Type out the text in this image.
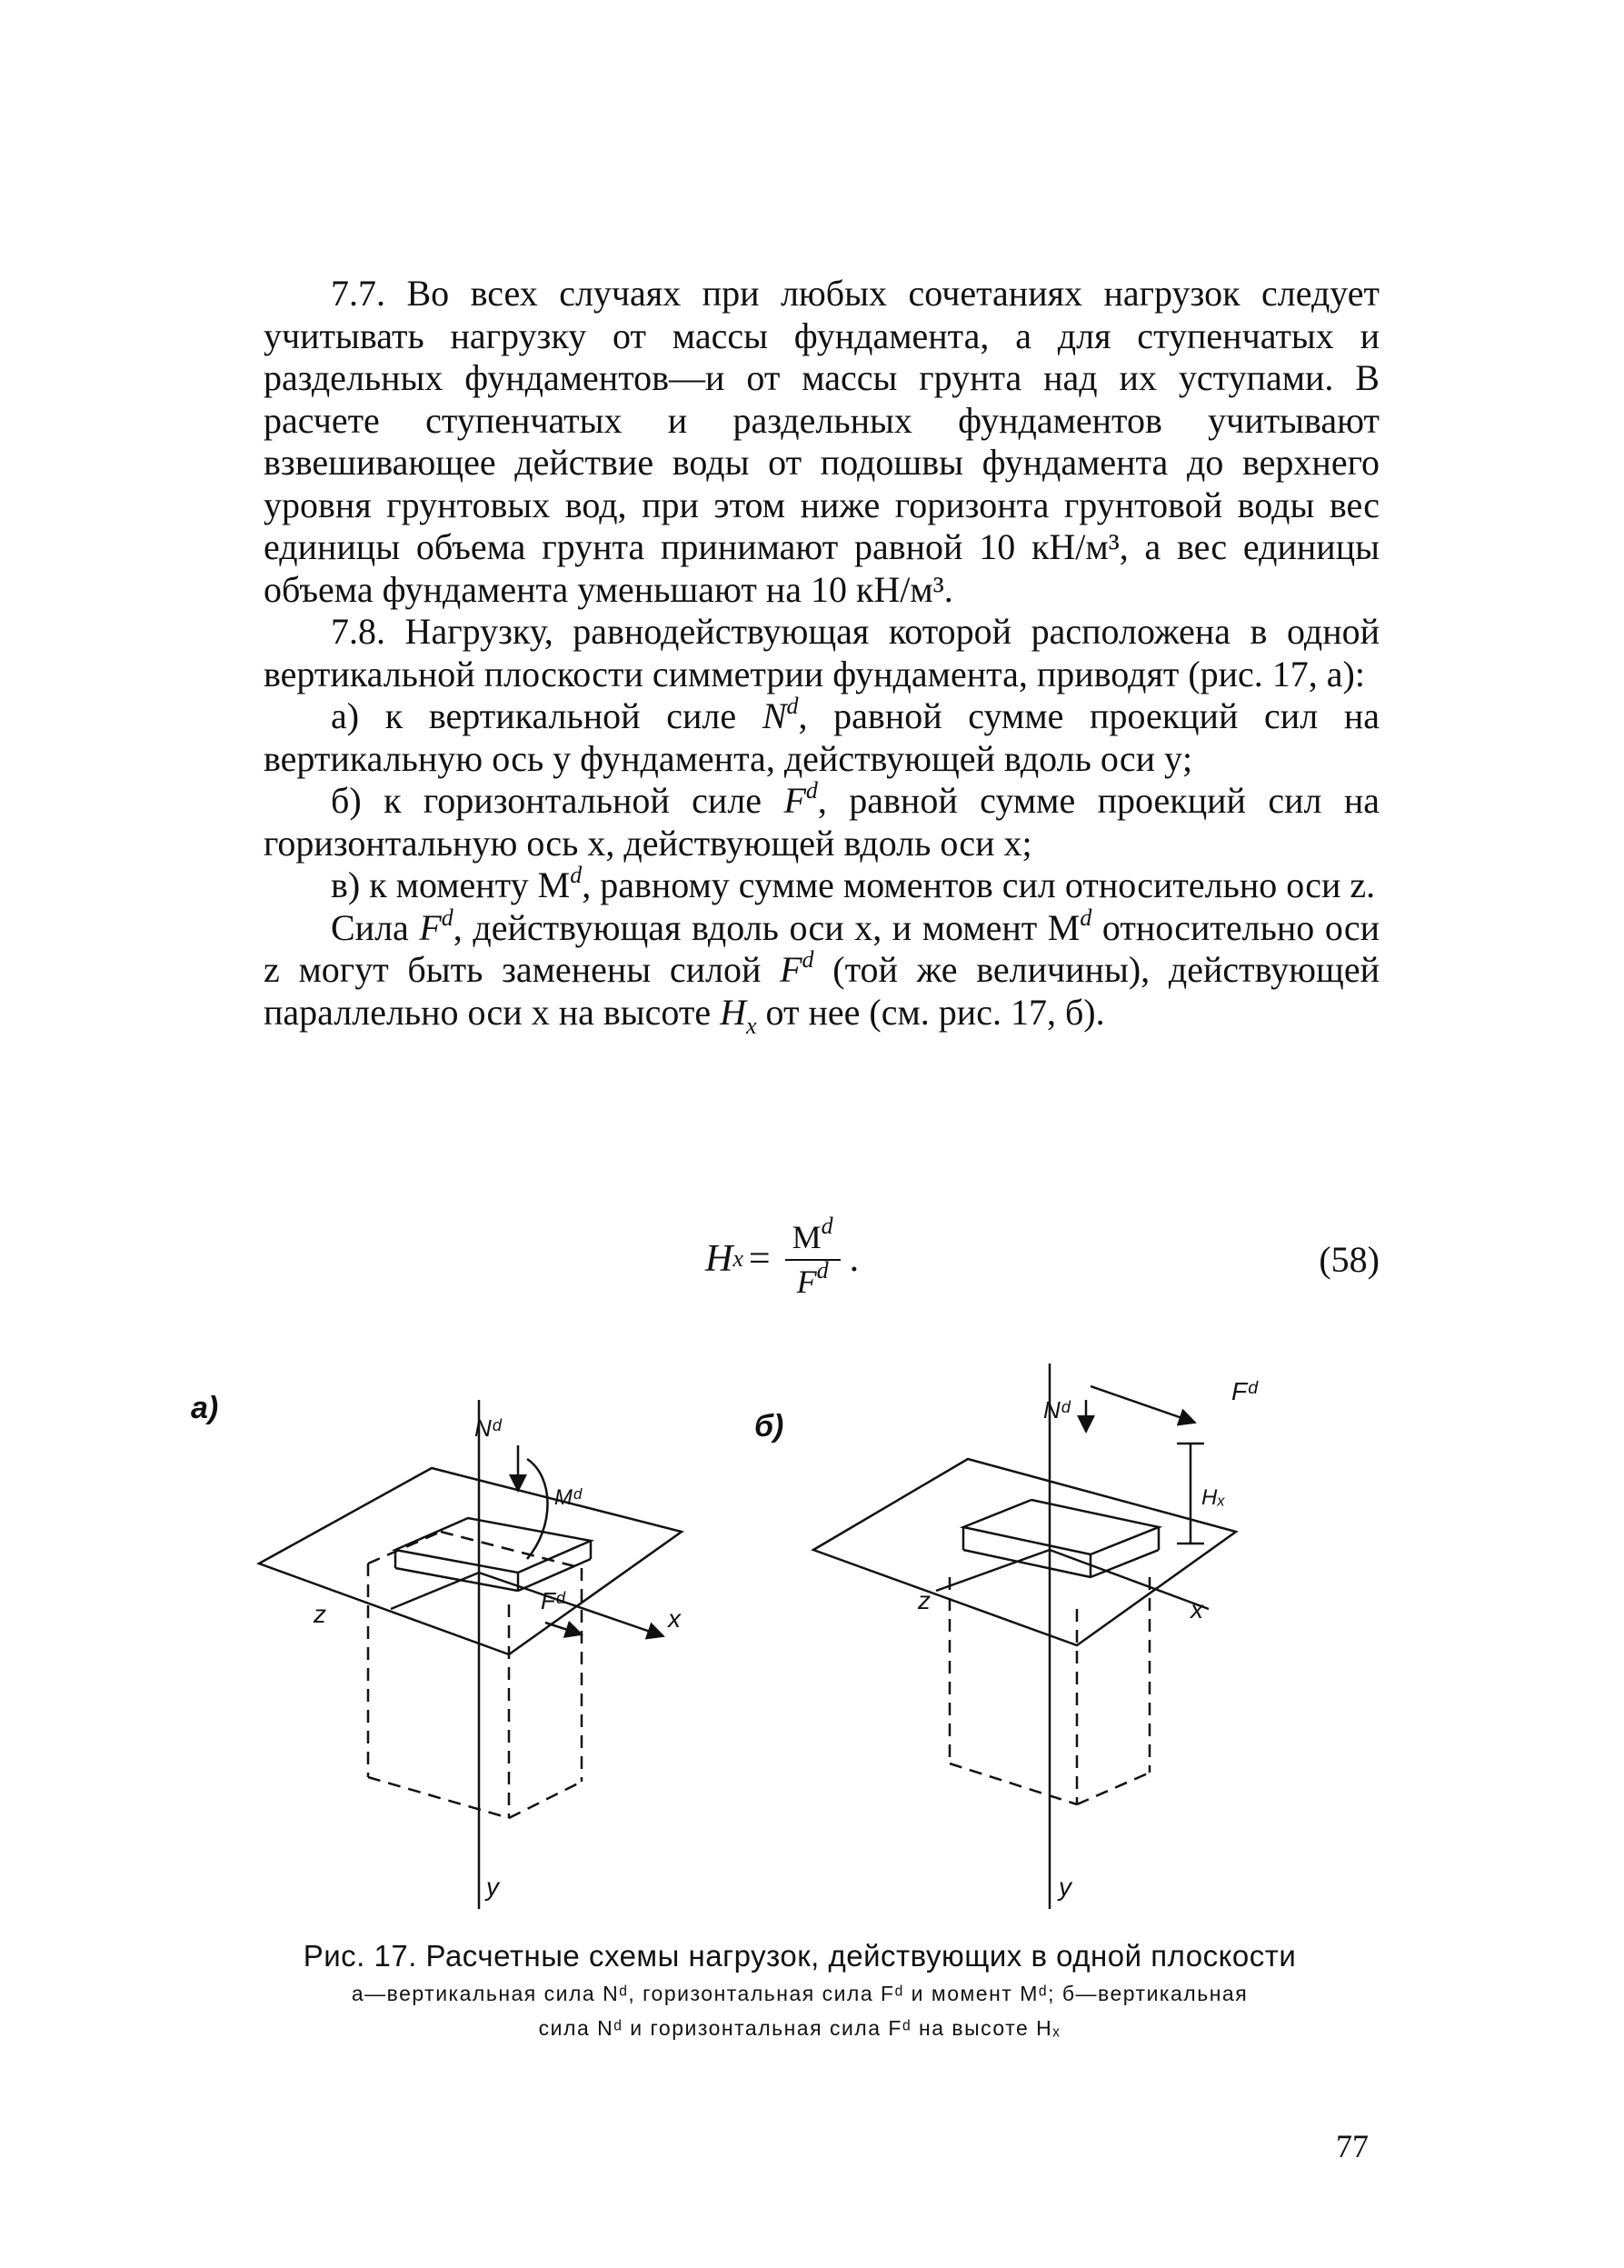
7.7. Во всех случаях при любых сочетаниях нагрузок следует учитывать нагрузку от массы фундамента, а для ступенчатых и раздельных фундаментов—и от массы грунта над их уступами. В расчете ступенчатых и раздельных фундаментов учитывают взвешивающее действие воды от подошвы фундамента до верхнего уровня грунтовых вод, при этом ниже горизонта грунтовой воды вес единицы объема грунта принимают равной 10 кН/м³, а вес единицы объема фундамента уменьшают на 10 кН/м³.

7.8. Нагрузку, равнодействующая которой расположена в одной вертикальной плоскости симметрии фундамента, приводят (рис. 17, а):

а) к вертикальной силе $N^d$, равной сумме проекций сил на вертикальную ось y фундамента, действующей вдоль оси y;

б) к горизонтальной силе $F^d$, равной сумме проекций сил на горизонтальную ось x, действующей вдоль оси x;

в) к моменту $M^d$, равному сумме моментов сил относительно оси z.

Сила $F^d$, действующая вдоль оси x, и момент $M^d$ относительно оси z могут быть заменены силой $F^d$ (той же величины), действующей параллельно оси x на высоте $H_x$ от нее (см. рис. 17, б).

H $x = \frac{M^d}{F^d}$ .	(58)
а)
б)
z	x
y
Nᵈ
Mᵈ
Fᵈ	z	x
y
Nᵈ
Fᵈ
Hₓ
Рис. 17. Расчетные схемы нагрузок, действующих в одной плоскости
а—вертикальная сила Nᵈ, горизонтальная сила Fᵈ и момент Mᵈ; б—вертикальная
сила Nᵈ и горизонтальная сила Fᵈ на высоте Hₓ
77
